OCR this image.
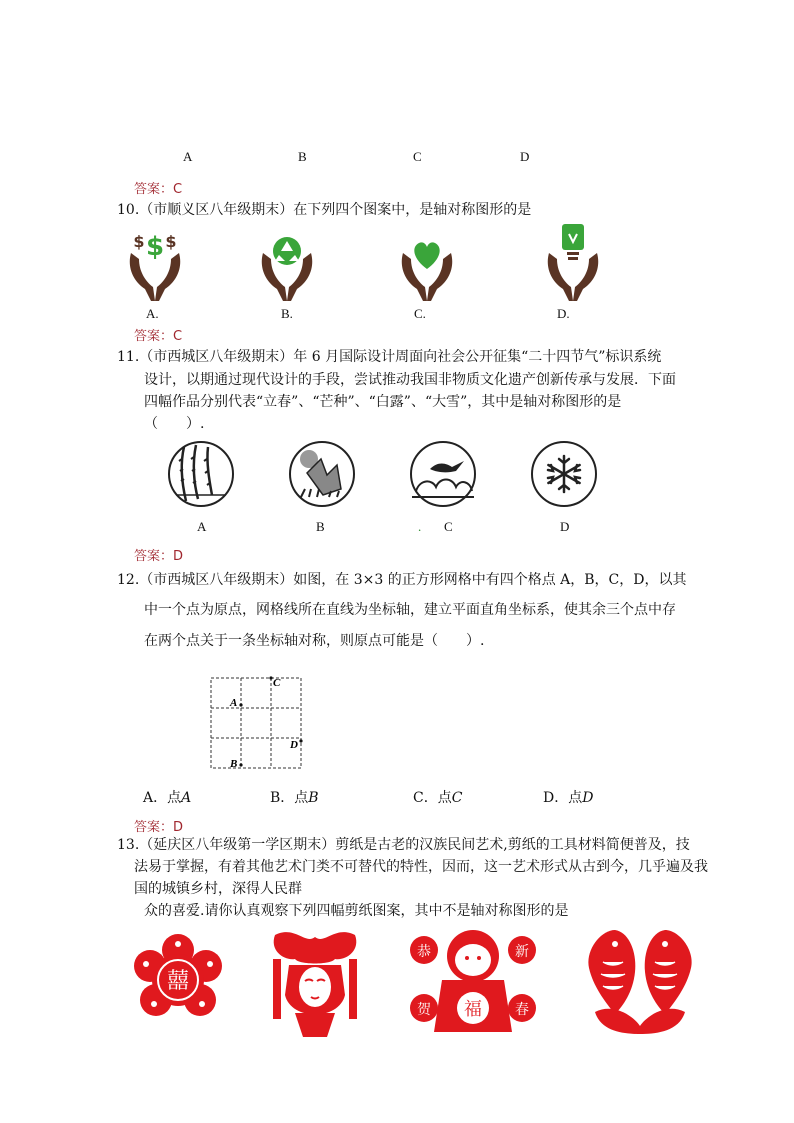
A	B	C	D
答案：C
10.（市顺义区八年级期末）在下列四个图案中，是轴对称图形的是
$
$ $
A.	B.	C.	D.
答案：C
11.（市西城区八年级期末）年 6 月国际设计周面向社会公开征集“二十四节气”标识系统
设计，以期通过现代设计的手段，尝试推动我国非物质文化遗产创新传承与发展．下面
四幅作品分别代表“立春”、“芒种”、“白露”、“大雪”，其中是轴对称图形的是
（　　）.
A	B	. C	D
答案：D
12.（市西城区八年级期末）如图，在 3×3 的正方形网格中有四个格点 A，B，C，D，以其
中一个点为原点，网格线所在直线为坐标轴，建立平面直角坐标系，使其余三个点中存
在两个点关于一条坐标轴对称，则原点可能是（　　）.
C
A
D
B
A．点A	B．点B	C．点C	D．点D
答案：D
13.（延庆区八年级第一学区期末）剪纸是古老的汉族民间艺术,剪纸的工具材料简便普及，技
法易于掌握，有着其他艺术门类不可替代的特性，因而，这一艺术形式从古到今，几乎遍及我
国的城镇乡村，深得人民群
众的喜爱.请你认真观察下列四幅剪纸图案，其中不是轴对称图形的是
囍
恭	新
贺	春
福
